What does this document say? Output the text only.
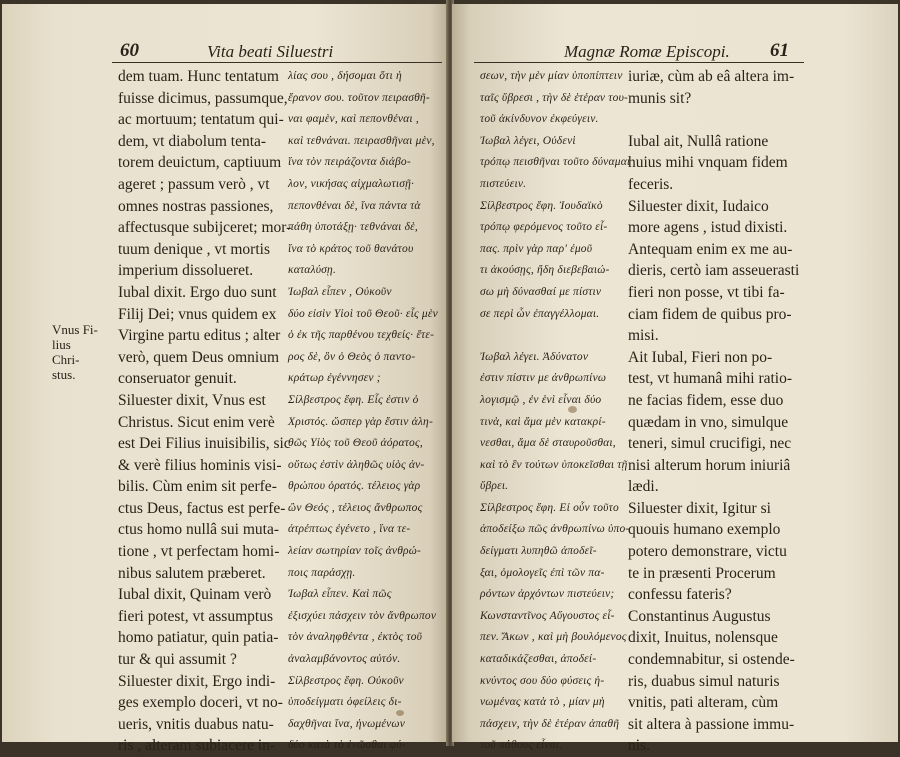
60	Vita beati Siluestri
Vnus Fi-
lius
Chri-
stus.
dem tuam. Hunc tentatum
fuisse dicimus, passumque,
ac mortuum; tentatum qui-
dem, vt diabolum tenta-
torem deuictum, captiuum
ageret ; passum verò , vt
omnes nostras passiones,
affectusque subijceret; mor-
tuum denique , vt mortis
imperium dissolueret.
Iubal dixit. Ergo duo sunt
Filij Dei; vnus quidem ex
Virgine partu editus ; alter
verò, quem Deus omnium
conseruator genuit.
Siluester dixit, Vnus est
Christus. Sicut enim verè
est Dei Filius inuisibilis, sic
& verè filius hominis visi-
bilis. Cùm enim sit perfe-
ctus Deus, factus est perfe-
ctus homo nullâ sui muta-
tione , vt perfectam homi-
nibus salutem præberet.
Iubal dixit, Quinam verò
fieri potest, vt assumptus
homo patiatur, quin patia-
tur & qui assumit ?
Siluester dixit, Ergo indi-
ges exemplo doceri, vt no-
ueris, vnitis duabus natu-
ris , alteram subiacere in-
λίας σου , δήσομαι ὅτι ἡ
ἔρανον σου. τοῦτον πειρασθῆ-
ναι φαμὲν, καὶ πεπονθέναι ,
καὶ τεθνάναι. πειρασθῆναι μὲν,
ἵνα τὸν πειράζοντα διάβο-
λον, νικήσας αἰχμαλωτισῇ·
πεπονθέναι δὲ, ἵνα πάντα τὰ
πάθη ὑποτάξῃ· τεθνάναι δὲ,
ἵνα τὸ κράτος τοῦ θανάτου
καταλύσῃ.
Ἰωβαλ εἶπεν , Οὐκοῦν
δύο εἰσὶν Υἱοὶ τοῦ Θεοῦ· εἷς μὲν
ὁ ἐκ τῆς παρθένου τεχθείς· ἕτε-
ρος δὲ, ὃν ὁ Θεὸς ὁ παντο-
κράτωρ ἐγέννησεν ;
Σίλβεστρος ἔφη. Εἷς ἐστιν ὁ
Χριστός. ὥσπερ γὰρ ἔστιν ἀλη-
θῶς Υἱὸς τοῦ Θεοῦ ἀόρατος,
οὕτως ἐστὶν ἀληθῶς υἱὸς ἀν-
θρώπου ὁρατός. τέλειος γὰρ
ὢν Θεός , τέλειος ἄνθρωπος
ἀτρέπτως ἐγένετο , ἵνα τε-
λείαν σωτηρίαν τοῖς ἀνθρώ-
ποις παράσχῃ.
Ἰωβαλ εἶπεν. Καὶ πῶς
ἐξισχύει πάσχειν τὸν ἄνθρωπον
τὸν ἀναληφθέντα , ἐκτὸς τοῦ
ἀναλαμβάνοντος αὐτόν.
Σίλβεστρος ἔφη. Οὐκοῦν
ὑποδείγματι ὀφείλεις δι-
δαχθῆναι ἵνα, ἡνωμένων
δύο κατὰ τὸ ἑνῶσθαι φύ-
Magnæ Romæ Episcopi. 61
σεων, τὴν μὲν μίαν ὑποπίπτειν
ταῖς ὕβρεσι , τὴν δὲ ἑτέραν του-
τοῦ ἀκίνδυνον ἐκφεύγειν.
Ἰωβαλ λέγει, Οὐδενὶ
τρόπῳ πεισθῆναι τοῦτο δύναμαι
πιστεύειν.
Σίλβεστρος ἔφη. Ἰουδαϊκὸ
τρόπῳ φερόμενος τοῦτο εἶ-
πας. πρὶν γὰρ παρ' ἐμοῦ
τι ἀκούσῃς, ἤδη διεβεβαιώ-
σω μὴ δύνασθαί με πίστιν
σε περὶ ὧν ἐπαγγέλλομαι.

Ἰωβαλ λέγει. Ἀδύνατον
ἐστιν πίστιν με ἀνθρωπίνω
λογισμῷ , ἐν ἑνὶ εἶναι δύο
τινὰ, καὶ ἅμα μὲν κατακρί-
νεσθαι, ἅμα δὲ σταυροῦσθαι,
καὶ τὸ ἓν τούτων ὑποκεῖσθαι τῇ
ὕβρει.
Σίλβεστρος ἔφη. Εἰ οὖν τοῦτο
ἀποδείξω πῶς ἀνθρωπίνω ὑπο-
δείγματι λυπηθῶ ἀποδεῖ-
ξαι, ὁμολογεῖς ἐπὶ τῶν πα-
ρόντων ἀρχόντων πιστεύειν;
Κωνσταντῖνος Αὔγουστος εἶ-
πεν. Ἄκων , καὶ μὴ βουλόμενος
καταδικάζεσθαι, ἀποδεί-
κνύντος σου δύο φύσεις ἡ-
νωμένας κατὰ τὸ , μίαν μὴ
πάσχειν, τὴν δὲ ἑτέραν ἀπαθῆ
τοῦ πάθους εἶναι.
iuriæ, cùm ab eâ altera im-
munis sit?

Iubal ait, Nullâ ratione
huius mihi vnquam fidem
feceris.
Siluester dixit, Iudaico
more agens , istud dixisti.
Antequam enim ex me au-
dieris, certò iam asseuerasti
fieri non posse, vt tibi fa-
ciam fidem de quibus pro-
misi.
Ait Iubal, Fieri non po-
test, vt humanâ mihi ratio-
ne facias fidem, esse duo
quædam in vno, simulque
teneri, simul crucifigi, nec
nisi alterum horum iniuriâ
lædi.
Siluester dixit, Igitur si
quouis humano exemplo
potero demonstrare, victu
te in præsenti Procerum
confessu fateris?
Constantinus Augustus
dixit, Inuitus, nolensque
condemnabitur, si ostende-
ris, duabus simul naturis
vnitis, pati alteram, cùm
sit altera à passione immu-
nis.
